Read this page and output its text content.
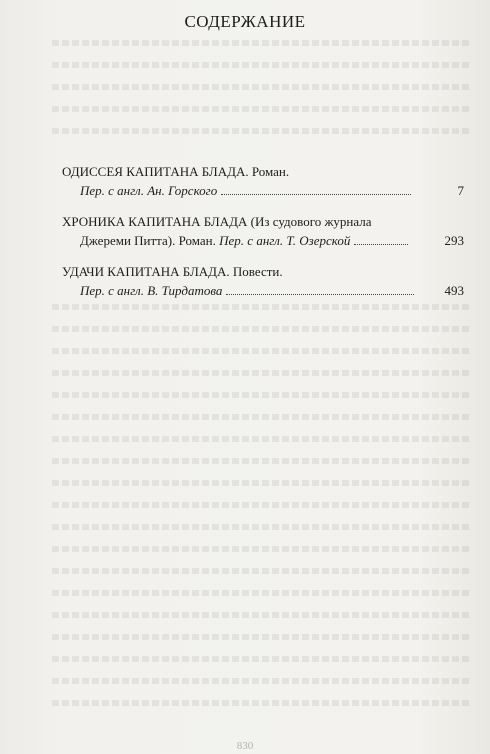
СОДЕРЖАНИЕ
ОДИССЕЯ КАПИТАНА БЛАДА. Роман.
Пер. с англ. Ан. Горского	7
ХРОНИКА КАПИТАНА БЛАДА (Из судового журнала
Джереми Питта). Роман. Пер. с англ. Т. Озерской	293
УДАЧИ КАПИТАНА БЛАДА. Повести.
Пер. с англ. В. Тирдатова	493
830
